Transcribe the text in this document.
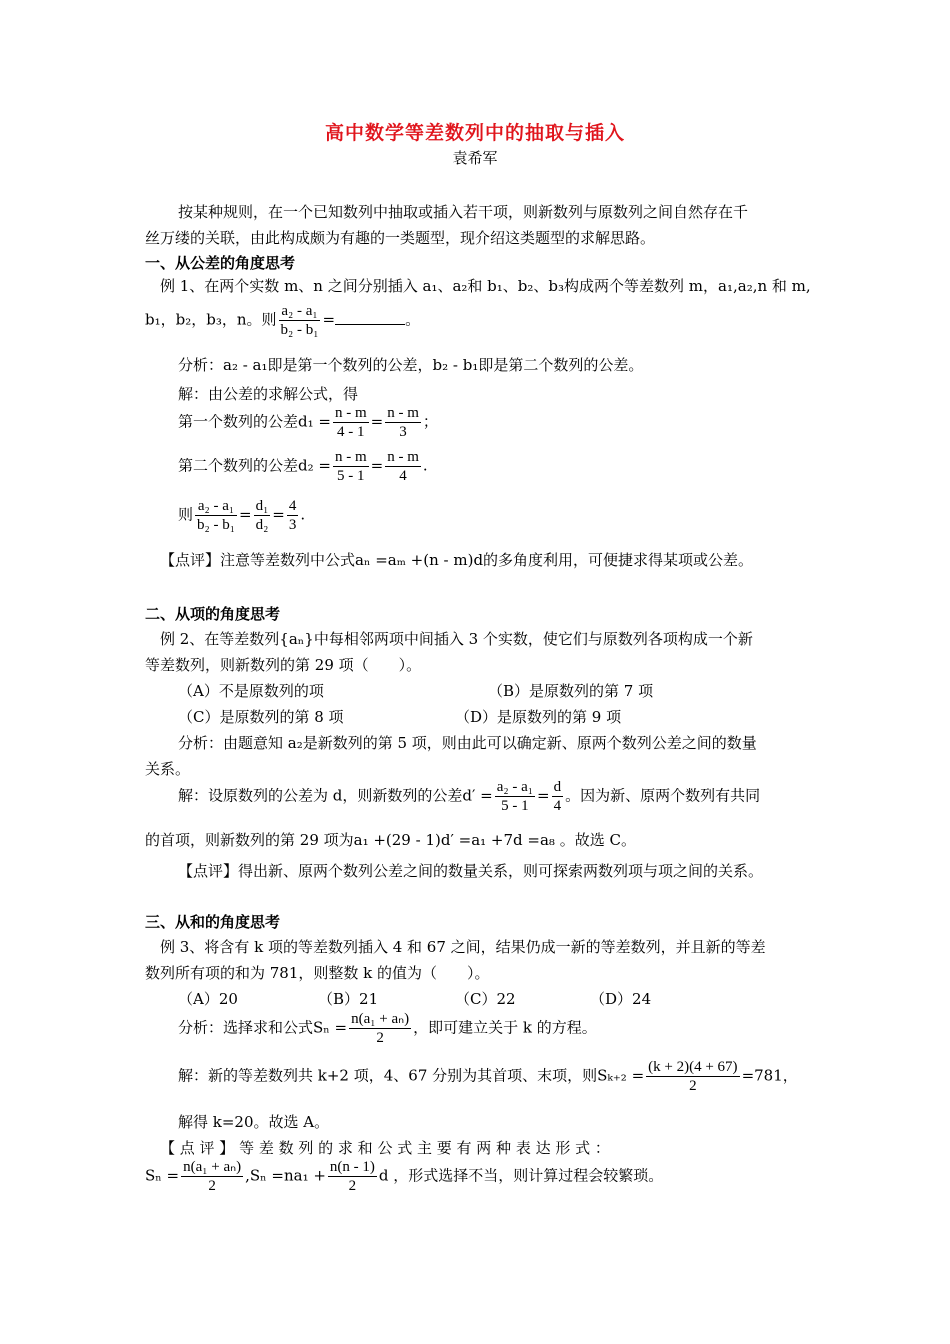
高中数学等差数列中的抽取与插入
袁希军
按某种规则，在一个已知数列中抽取或插入若干项，则新数列与原数列之间自然存在千
丝万缕的关联，由此构成颇为有趣的一类题型，现介绍这类题型的求解思路。
一、从公差的角度思考
例 1、在两个实数 m、n 之间分别插入 a₁、a₂和 b₁、b₂、b₃构成两个等差数列 m，a₁,a₂,n 和 m,
b₁，b₂，b₃，n。则 $\frac{\text{a₂ - a₁}}{\text{b₂ - b₁}}$ =	。
分析：a₂ - a₁即是第一个数列的公差，b₂ - b₁即是第二个数列的公差。
解：由公差的求解公式，得
第一个数列的公差$d_1 = \frac{n - m}{4 - 1} = \frac{n - m}{3}$ ；
第二个数列的公差$d_2 = \frac{n - m}{5 - 1} = \frac{n - m}{4}$ .
则 $\frac{\text{a₂ - a₁}}{\text{b₂ - b₁}} = \frac{\text{d₁}}{\text{d₂}} = \frac{4}{3}$ .
【点评】注意等差数列中公式aₙ =aₘ +(n - m)d的多角度利用，可便捷求得某项或公差。
二、从项的角度思考
例 2、在等差数列{aₙ}中每相邻两项中间插入 3 个实数，使它们与原数列各项构成一个新
等差数列，则新数列的第 29 项（　　）。
（A）不是原数列的项	（B）是原数列的第 7 项
（C）是原数列的第 8 项	（D）是原数列的第 9 项
分析：由题意知 a₂是新数列的第 5 项，则由此可以确定新、原两个数列公差之间的数量
关系。
解：设原数列的公差为 d，则新数列的公差$d' = \frac{\text{a₂ - a₁}}{5 - 1} = \frac{d}{4}$ 。因为新、原两个数列有共同
的首项，则新数列的第 29 项为a₁ +(29 - 1)d′ =a₁ +7d =a₈ 。故选 C。
【点评】得出新、原两个数列公差之间的数量关系，则可探索两数列项与项之间的关系。
三、从和的角度思考
例 3、将含有 k 项的等差数列插入 4 和 67 之间，结果仍成一新的等差数列，并且新的等差
数列所有项的和为 781，则整数 k 的值为（　　）。
（A）20	（B）21	（C）22	（D）24
分析：选择求和公式$S_n = \frac{\text{n(a₁ + aₙ)}}{2}$ ，即可建立关于 k 的方程。
解：新的等差数列共 k+2 项，4、67 分别为其首项、末项，则$S_{k+2} = \frac{(k + 2)(4 + 67)}{2} =781$，
解得 k=20。故选 A。
【 点 评 】 等 差 数 列 的 求 和 公 式 主 要 有 两 种 表 达 形 式 ：
$S_n = \frac{\text{n(a₁ + aₙ)}}{2} ,S_n =na_1 + \frac{n(n - 1)}{2}$ d ，形式选择不当，则计算过程会较繁琐。
